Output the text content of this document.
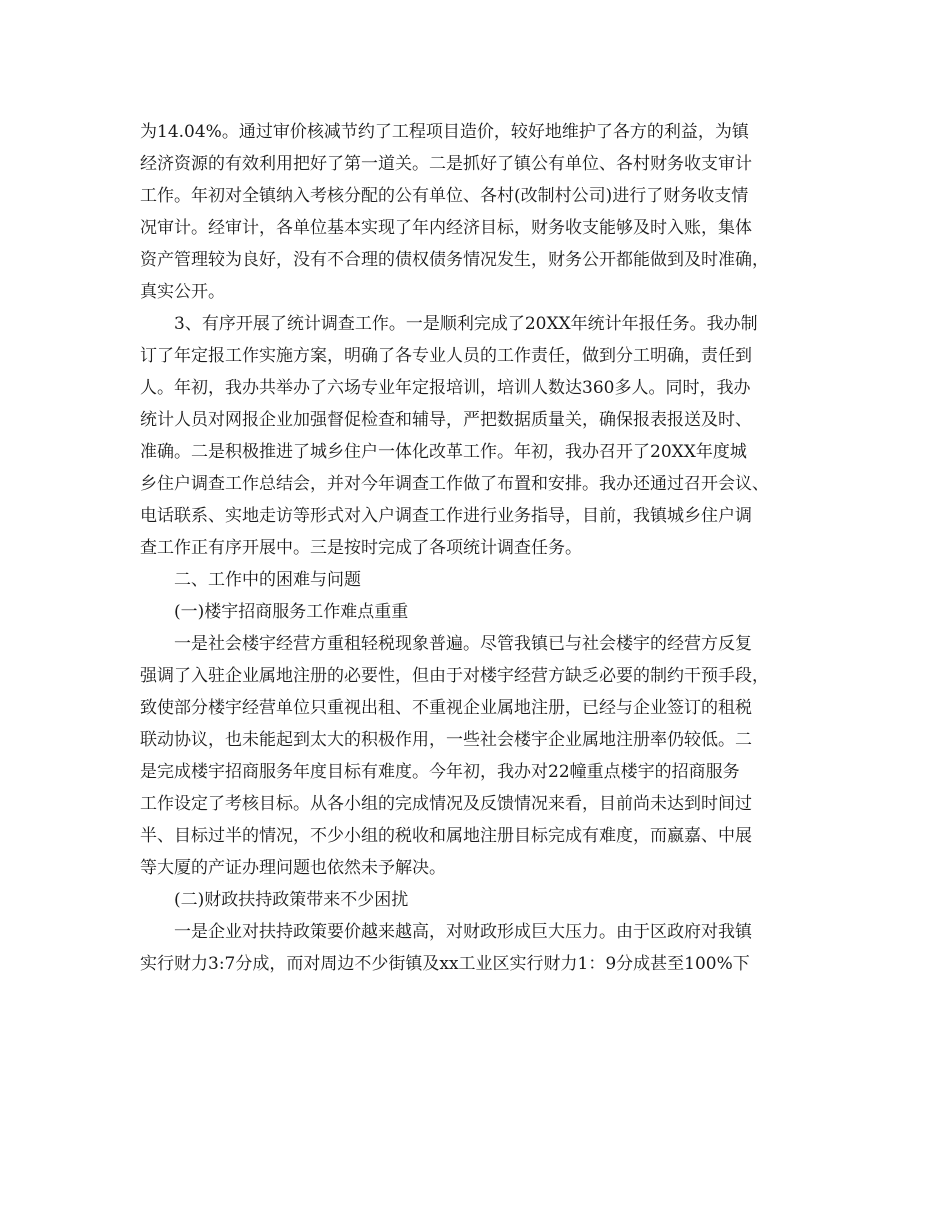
为14.04%。通过审价核减节约了工程项目造价，较好地维护了各方的利益，为镇
经济资源的有效利用把好了第一道关。二是抓好了镇公有单位、各村财务收支审计
工作。年初对全镇纳入考核分配的公有单位、各村(改制村公司)进行了财务收支情
况审计。经审计，各单位基本实现了年内经济目标，财务收支能够及时入账，集体
资产管理较为良好，没有不合理的债权债务情况发生，财务公开都能做到及时准确，
真实公开。
　　3、有序开展了统计调查工作。一是顺利完成了20XX年统计年报任务。我办制
订了年定报工作实施方案，明确了各专业人员的工作责任，做到分工明确，责任到
人。年初，我办共举办了六场专业年定报培训，培训人数达360多人。同时，我办
统计人员对网报企业加强督促检查和辅导，严把数据质量关，确保报表报送及时、
准确。二是积极推进了城乡住户一体化改革工作。年初，我办召开了20XX年度城
乡住户调查工作总结会，并对今年调查工作做了布置和安排。我办还通过召开会议、
电话联系、实地走访等形式对入户调查工作进行业务指导，目前，我镇城乡住户调
查工作正有序开展中。三是按时完成了各项统计调查任务。
　　二、工作中的困难与问题
　　(一)楼宇招商服务工作难点重重
　　一是社会楼宇经营方重租轻税现象普遍。尽管我镇已与社会楼宇的经营方反复
强调了入驻企业属地注册的必要性，但由于对楼宇经营方缺乏必要的制约干预手段，
致使部分楼宇经营单位只重视出租、不重视企业属地注册，已经与企业签订的租税
联动协议，也未能起到太大的积极作用，一些社会楼宇企业属地注册率仍较低。二
是完成楼宇招商服务年度目标有难度。今年初，我办对22幢重点楼宇的招商服务
工作设定了考核目标。从各小组的完成情况及反馈情况来看，目前尚未达到时间过
半、目标过半的情况，不少小组的税收和属地注册目标完成有难度，而嬴嘉、中展
等大厦的产证办理问题也依然未予解决。
　　(二)财政扶持政策带来不少困扰
　　一是企业对扶持政策要价越来越高，对财政形成巨大压力。由于区政府对我镇
实行财力3:7分成，而对周边不少街镇及xx工业区实行财力1：9分成甚至100%下
